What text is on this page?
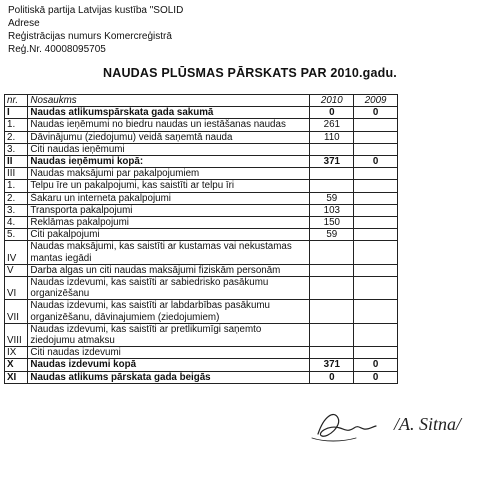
Politiskā partija Latvijas kustība "SOLID
Adrese
Reģistrācijas numurs Komercreģistrā
Reģ.Nr. 40008095705
NAUDAS PLŪSMAS PĀRSKATS PAR 2010.gadu.
nr.	Nosaukms	2010	2009
I	Naudas atlikumspārskata gada sakumā	0	0
1.	Naudas ieņēmumi no biedru naudas un iestāšanas naudas	261	
2.	Dāvinājumu (ziedojumu) veidā saņemtā nauda	110	
3.	Citi naudas ieņēmumi		
II	Naudas ieņēmumi kopā:	371	0
III	Naudas maksājumi par pakalpojumiem		
1.	Telpu īre un pakalpojumi, kas saistīti ar telpu īri		
2.	Šakaru un interneta pakalpojumi	59	
3.	Transporta pakalpojumi	103	
4.	Reklāmas pakalpojumi	150	
5.	Citi pakalpojumi	59	
IV	Naudas maksājumi, kas saistīti ar kustamas vai nekustamas mantas iegādi		
V	Darba algas un citi naudas maksājumi fiziskām personām		
VI	Naudas izdevumi, kas saistīti ar sabiedrisko pasākumu organizēšanu		
VII	Naudas izdevumi, kas saistīti ar labdarbības pasākumu organizēšanu, dāvinajumiem (ziedojumiem)		
VIII	Naudas izdevumi, kas saistīti ar pretlikumīgi saņemto ziedojumu atmaksu		
IX	Citi naudas izdevumi		
X	Naudas izdevumi kopā	371	0
XI	Naudas atlikums pārskata gada beigās	0	0
/A. Sitna/
